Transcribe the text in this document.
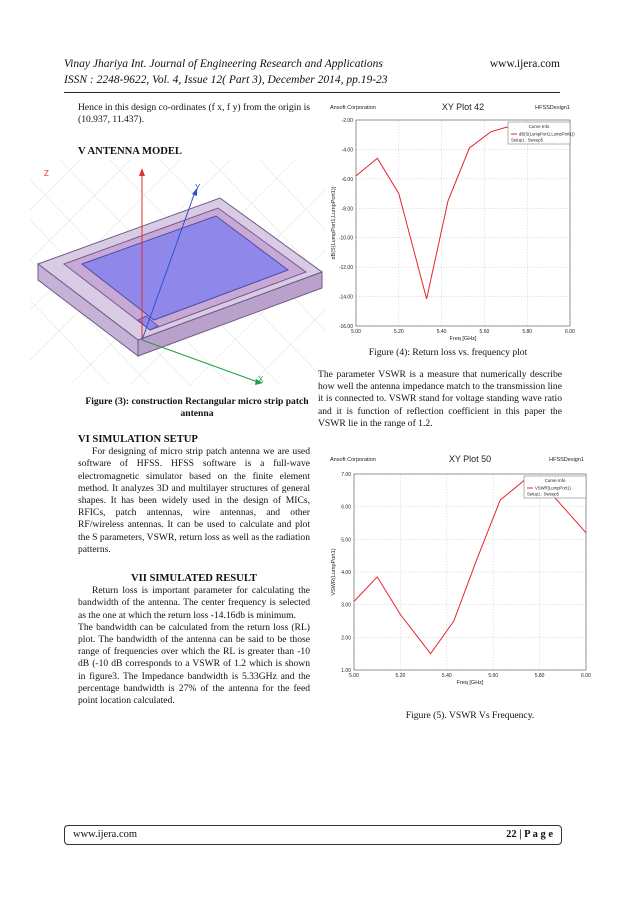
Vinay Jhariya Int. Journal of Engineering Research and Applications
ISSN : 2248-9622, Vol. 4, Issue 12( Part 3), December 2014, pp.19-23
www.ijera.com

Hence in this design co-ordinates (f x, f y) from the origin is (10.937, 11.437).

V ANTENNA MODEL

Z
Y
X
Figure (3): construction Rectangular micro strip patch antenna

VI SIMULATION SETUP

For designing of micro strip patch antenna we are used software of HFSS. HFSS software is a full-wave electromagnetic simulator based on the finite element method. It analyzes 3D and multilayer structures of general shapes. It has been widely used in the design of MICs, RFICs, patch antennas, wire antennas, and other RF/wireless antennas. It can be used to calculate and plot the S parameters, VSWR, return loss as well as the radiation patterns.

VII SIMULATED RESULT

Return loss is important parameter for calculating the bandwidth of the antenna. The center frequency is selected as the one at which the return loss -14.16db is minimum.

The bandwidth can be calculated from the return loss (RL) plot. The bandwidth of the antenna can be said to be those range of frequencies over which the RL is greater than -10 dB (-10 dB corresponds to a VSWR of 1.2 which is shown in figure3. The Impedance bandwidth is 5.33GHz and the percentage bandwidth is 27% of the antenna for the feed point location calculated.

Ansoft Corporation	XY Plot 42	HFSSDesign1
5.00	5.20	5.40	5.60	5.80	6.00
-2.00
-4.00
-6.00
-8.00
-10.00
-12.00
-14.00
-16.00
Freq [GHz]
dB(S(LumpPort1,LumpPort1))
Curve Info
dB(S(LumpPort1,LumpPort1))
Setup1 : Sweep5
Figure (4): Return loss vs. frequency plot

The parameter VSWR is a measure that numerically describe how well the antenna impedance match to the transmission line it is connected to. VSWR stand for voltage standing wave ratio and it is function of reflection coefficient in this paper the VSWR lie in the range of 1.2.

Ansoft Corporation	XY Plot 50	HFSSDesign1
5.00	5.20	5.40	5.60	5.80	6.00
7.00
6.00
5.00
4.00
3.00
2.00
1.00
Freq [GHz]
VSWR(LumpPort1)
Curve Info
VSWR(LumpPort1)
Setup1 : Sweep5
Figure (5). VSWR Vs Frequency.
www.ijera.com	22 | P a g e
